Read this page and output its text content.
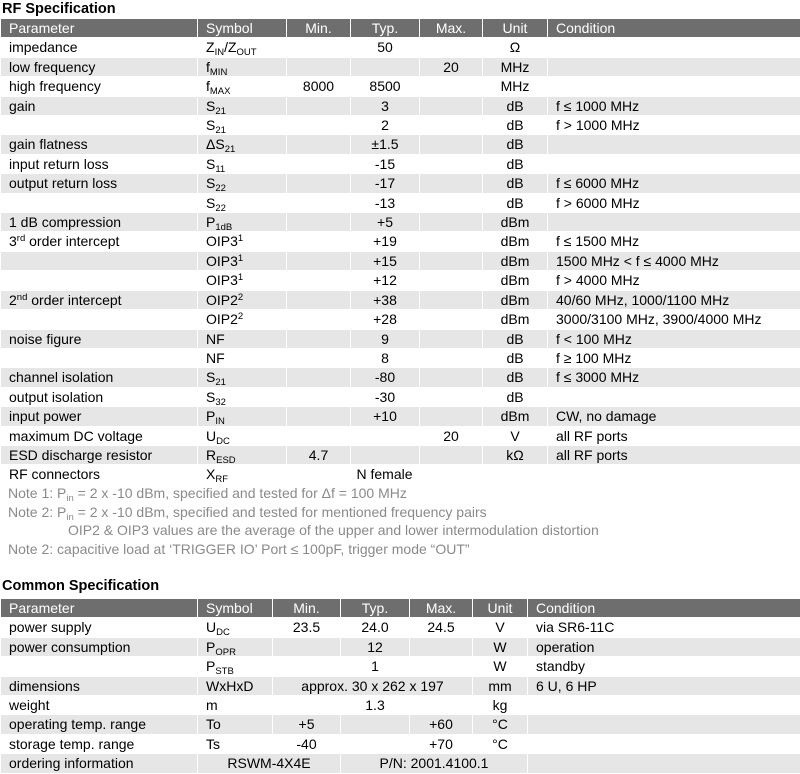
RF Specification
Parameter	Symbol	Min.	Typ.	Max.	Unit	Condition
impedance	$Z_{IN}/Z_{OUT}$		50		Ω	
low frequency	$f_{MIN}$			20	MHz	
high frequency	$f_{MAX}$	8000	8500		MHz	
gain	$S_{21}$		3		dB	f ≤ 1000 MHz
	$S_{21}$		2		dB	f > 1000 MHz
gain flatness	$\Delta S_{21}$		±1.5		dB	
input return loss	$S_{11}$		-15		dB	
output return loss	$S_{22}$		-17		dB	f ≤ 6000 MHz
	$S_{22}$		-13		dB	f > 6000 MHz
1 dB compression	$P_{1dB}$		+5		dBm	
3rd order intercept	$OIP3^1$		+19		dBm	f ≤ 1500 MHz
	$OIP3^1$		+15		dBm	1500 MHz < f ≤ 4000 MHz
	$OIP3^1$		+12		dBm	f > 4000 MHz
2nd order intercept	$OIP2^2$		+38		dBm	40/60 MHz, 1000/1100 MHz
	$OIP2^2$		+28		dBm	3000/3100 MHz, 3900/4000 MHz
noise figure	NF		9		dB	f < 100 MHz
	NF		8		dB	f ≥ 100 MHz
channel isolation	$S_{21}$		-80		dB	f ≤ 3000 MHz
output isolation	$S_{32}$		-30		dB	
input power	$P_{IN}$		+10		dBm	CW, no damage
maximum DC voltage	$U_{DC}$			20	V	all RF ports
ESD discharge resistor	$R_{ESD}$	4.7			kΩ	all RF ports
RF connectors	$X_{RF}$	N female				
Note 1: $P_{in} = 2$ x -10 dBm, specified and tested for Δf = 100 MHz
Note 2: $P_{in} = 2$ x -10 dBm, specified and tested for mentioned frequency pairs
OIP2 & OIP3 values are the average of the upper and lower intermodulation distortion
Note 2: capacitive load at ‘TRIGGER IO’ Port ≤ 100pF, trigger mode “OUT”
Common Specification
Parameter	Symbol	Min.	Typ.	Max.	Unit	Condition
power supply	$U_{DC}$	23.5	24.0	24.5	V	via SR6-11C
power consumption	$P_{OPR}$		12		W	operation
	$P_{STB}$		1		W	standby
dimensions	WxHxD	approx. 30 x 262 x 197			mm	6 U, 6 HP
weight	m		1.3		kg	
operating temp. range	To	+5		+60	°C	
storage temp. range	Ts	-40		+70	°C	
ordering information	RSWM-4X4E		P/N: 2001.4100.1			
